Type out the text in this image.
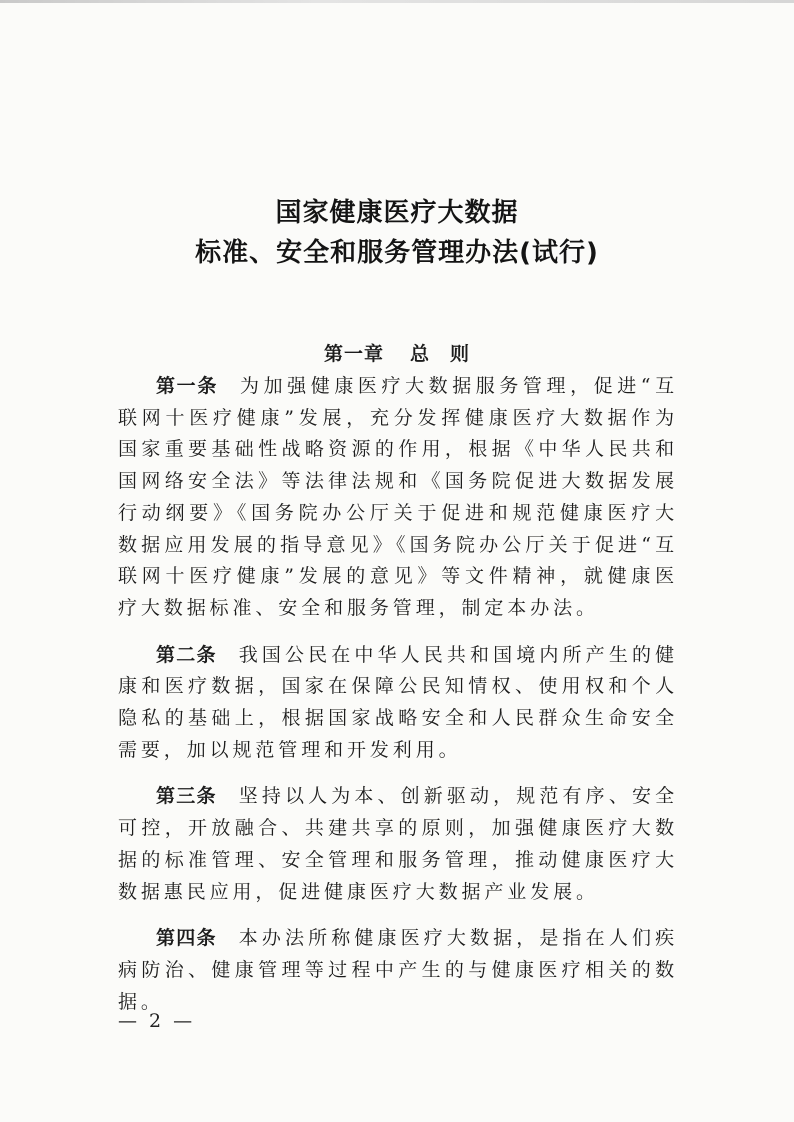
国家健康医疗大数据
标准、安全和服务管理办法(试行)
第一章 总　则

第一条 为加强健康医疗大数据服务管理，促进“互联网十医疗健康”发展，充分发挥健康医疗大数据作为国家重要基础性战略资源的作用，根据《中华人民共和国网络安全法》等法律法规和《国务院促进大数据发展行动纲要》《国务院办公厅关于促进和规范健康医疗大数据应用发展的指导意见》《国务院办公厅关于促进“互联网十医疗健康”发展的意见》等文件精神，就健康医疗大数据标准、安全和服务管理，制定本办法。

第二条 我国公民在中华人民共和国境内所产生的健康和医疗数据，国家在保障公民知情权、使用权和个人隐私的基础上，根据国家战略安全和人民群众生命安全需要，加以规范管理和开发利用。

第三条 坚持以人为本、创新驱动，规范有序、安全可控，开放融合、共建共享的原则，加强健康医疗大数据的标准管理、安全管理和服务管理，推动健康医疗大数据惠民应用，促进健康医疗大数据产业发展。

第四条 本办法所称健康医疗大数据，是指在人们疾病防治、健康管理等过程中产生的与健康医疗相关的数据。

— 2 —
